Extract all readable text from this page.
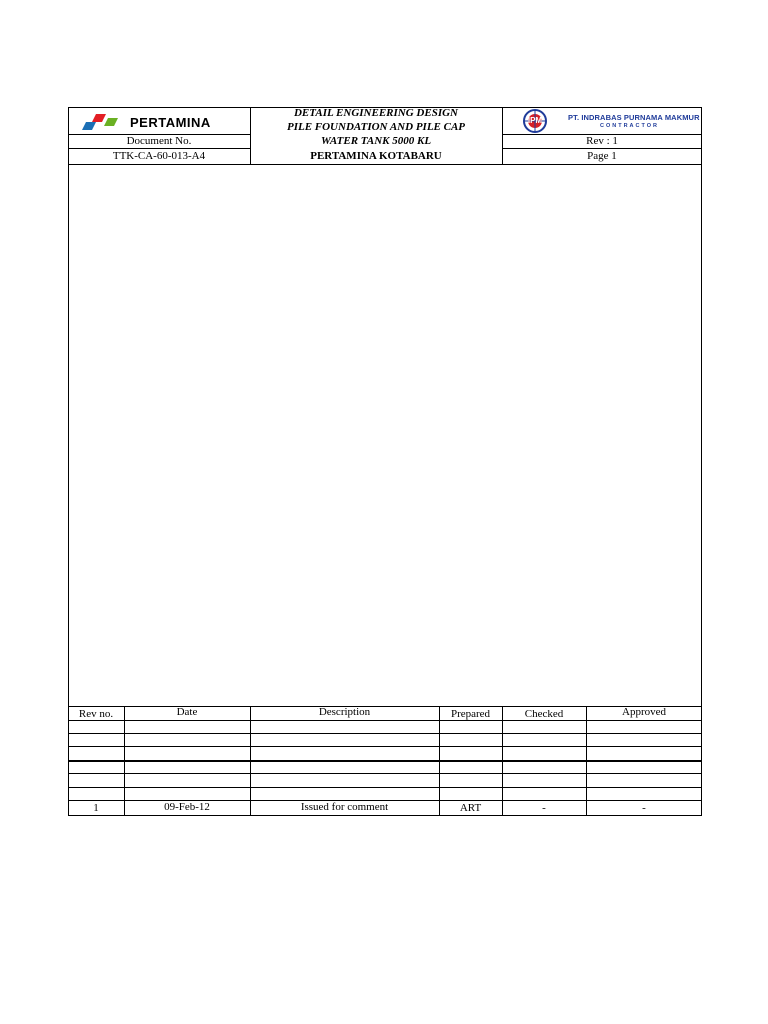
PERTAMINA
Document No.
TTK-CA-60-013-A4
DETAIL ENGINEERING DESIGN
PILE FOUNDATION AND PILE CAP
WATER TANK 5000 KL
PERTAMINA KOTABARU
IPM	PT. INDRABAS PURNAMA MAKMUR
CONTRACTOR
Rev : 1
Page 1
Rev no.	Date	Description	Prepared	Checked	Approved
1	09-Feb-12	Issued for comment	ART	-	-
